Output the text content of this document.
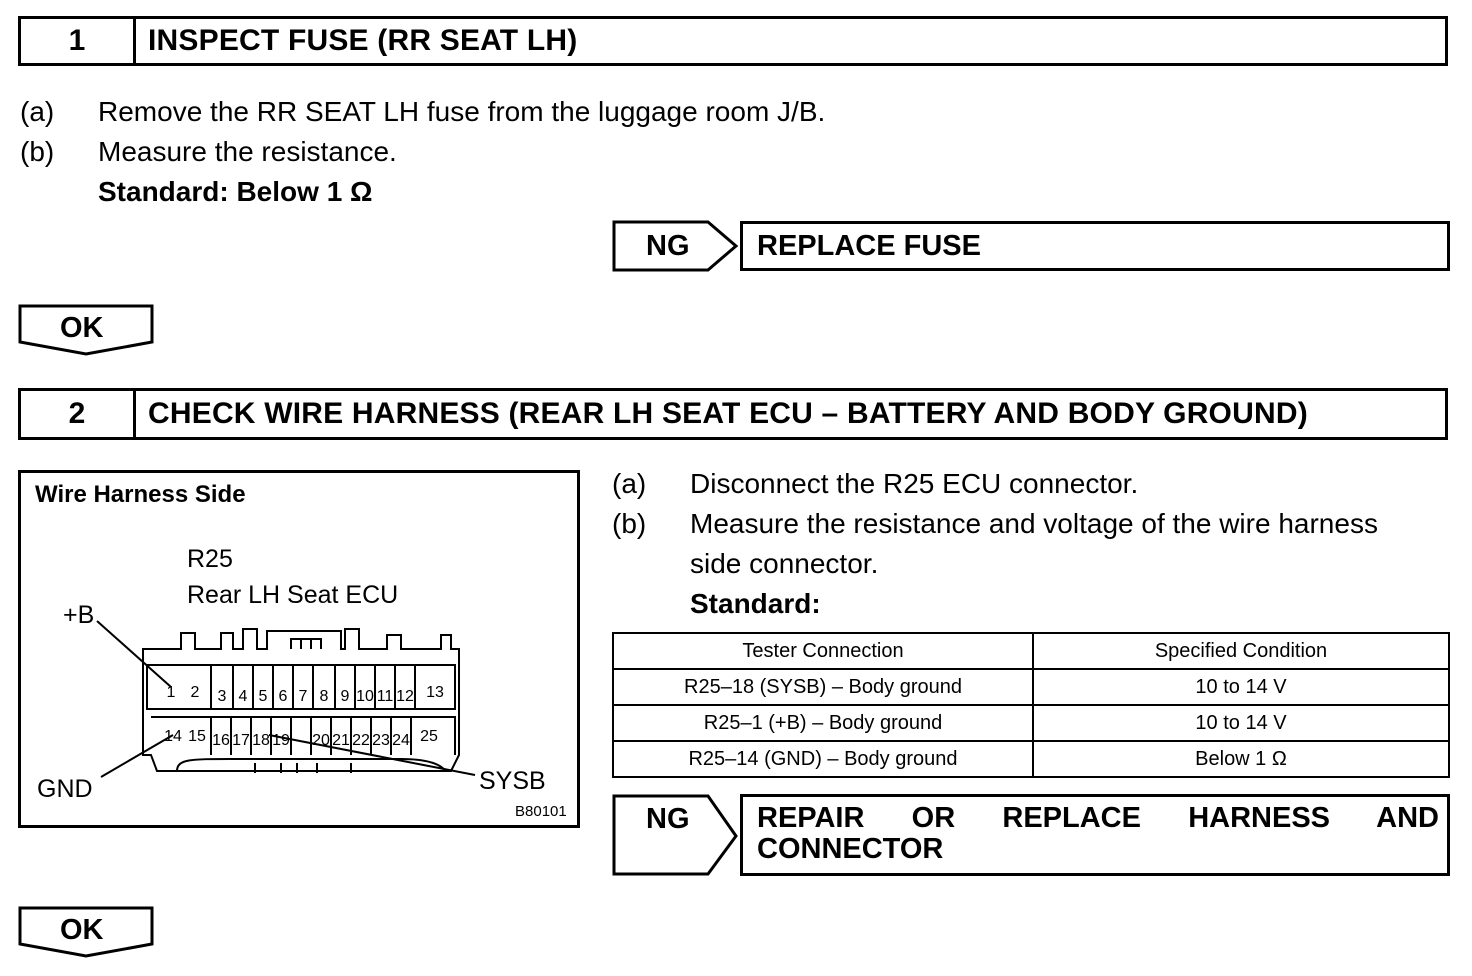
1	INSPECT FUSE (RR SEAT LH)
(a) Remove the RR SEAT LH fuse from the luggage room J/B.
(b) Measure the resistance.
Standard: Below 1 Ω
NG	REPLACE FUSE
OK
2	CHECK WIRE HARNESS (REAR LH SEAT ECU – BATTERY AND BODY GROUND)
Wire Harness Side
R25
Rear LH Seat ECU
+B
GND	SYSB
B80101
1 2 3 4 5 6 7 8 9 10 11 12 13
14 15 16 17 18 19 20 21 22 23 24 25
(a) Disconnect the R25 ECU connector.
(b) Measure the resistance and voltage of the wire harness
side connector.
Standard:
Tester Connection	Specified Condition
R25–18 (SYSB) – Body ground	10 to 14 V
R25–1 (+B) – Body ground	10 to 14 V
R25–14 (GND) – Body ground	Below 1 Ω
NG REPAIR OR REPLACE HARNESS AND
CONNECTOR
OK
